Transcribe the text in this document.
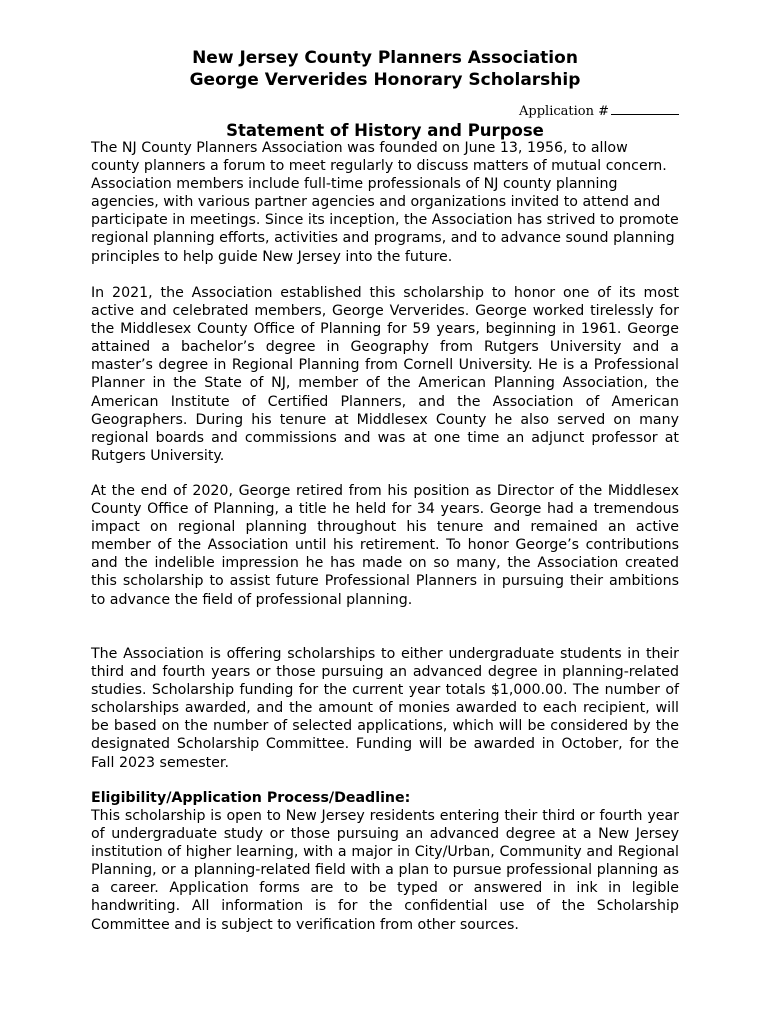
New Jersey County Planners Association
George Ververides Honorary Scholarship
Application #
Statement of History and Purpose

The NJ County Planners Association was founded on June 13, 1956, to allow county planners a forum to meet regularly to discuss matters of mutual concern. Association members include full-time professionals of NJ county planning agencies, with various partner agencies and organizations invited to attend and participate in meetings. Since its inception, the Association has strived to promote regional planning efforts, activities and programs, and to advance sound planning principles to help guide New Jersey into the future.

In 2021, the Association established this scholarship to honor one of its most active and celebrated members, George Ververides. George worked tirelessly for the Middlesex County Office of Planning for 59 years, beginning in 1961. George attained a bachelor’s degree in Geography from Rutgers University and a master’s degree in Regional Planning from Cornell University. He is a Professional Planner in the State of NJ, member of the American Planning Association, the American Institute of Certified Planners, and the Association of American Geographers. During his tenure at Middlesex County he also served on many regional boards and commissions and was at one time an adjunct professor at Rutgers University.

At the end of 2020, George retired from his position as Director of the Middlesex County Office of Planning, a title he held for 34 years. George had a tremendous impact on regional planning throughout his tenure and remained an active member of the Association until his retirement. To honor George’s contributions and the indelible impression he has made on so many, the Association created this scholarship to assist future Professional Planners in pursuing their ambitions to advance the field of professional planning.

The Association is offering scholarships to either undergraduate students in their third and fourth years or those pursuing an advanced degree in planning-related studies. Scholarship funding for the current year totals $1,000.00. The number of scholarships awarded, and the amount of monies awarded to each recipient, will be based on the number of selected applications, which will be considered by the designated Scholarship Committee. Funding will be awarded in October, for the Fall 2023 semester.

Eligibility/Application Process/Deadline:

This scholarship is open to New Jersey residents entering their third or fourth year of undergraduate study or those pursuing an advanced degree at a New Jersey institution of higher learning, with a major in City/Urban, Community and Regional Planning, or a planning-related field with a plan to pursue professional planning as a career. Application forms are to be typed or answered in ink in legible handwriting. All information is for the confidential use of the Scholarship Committee and is subject to verification from other sources.
